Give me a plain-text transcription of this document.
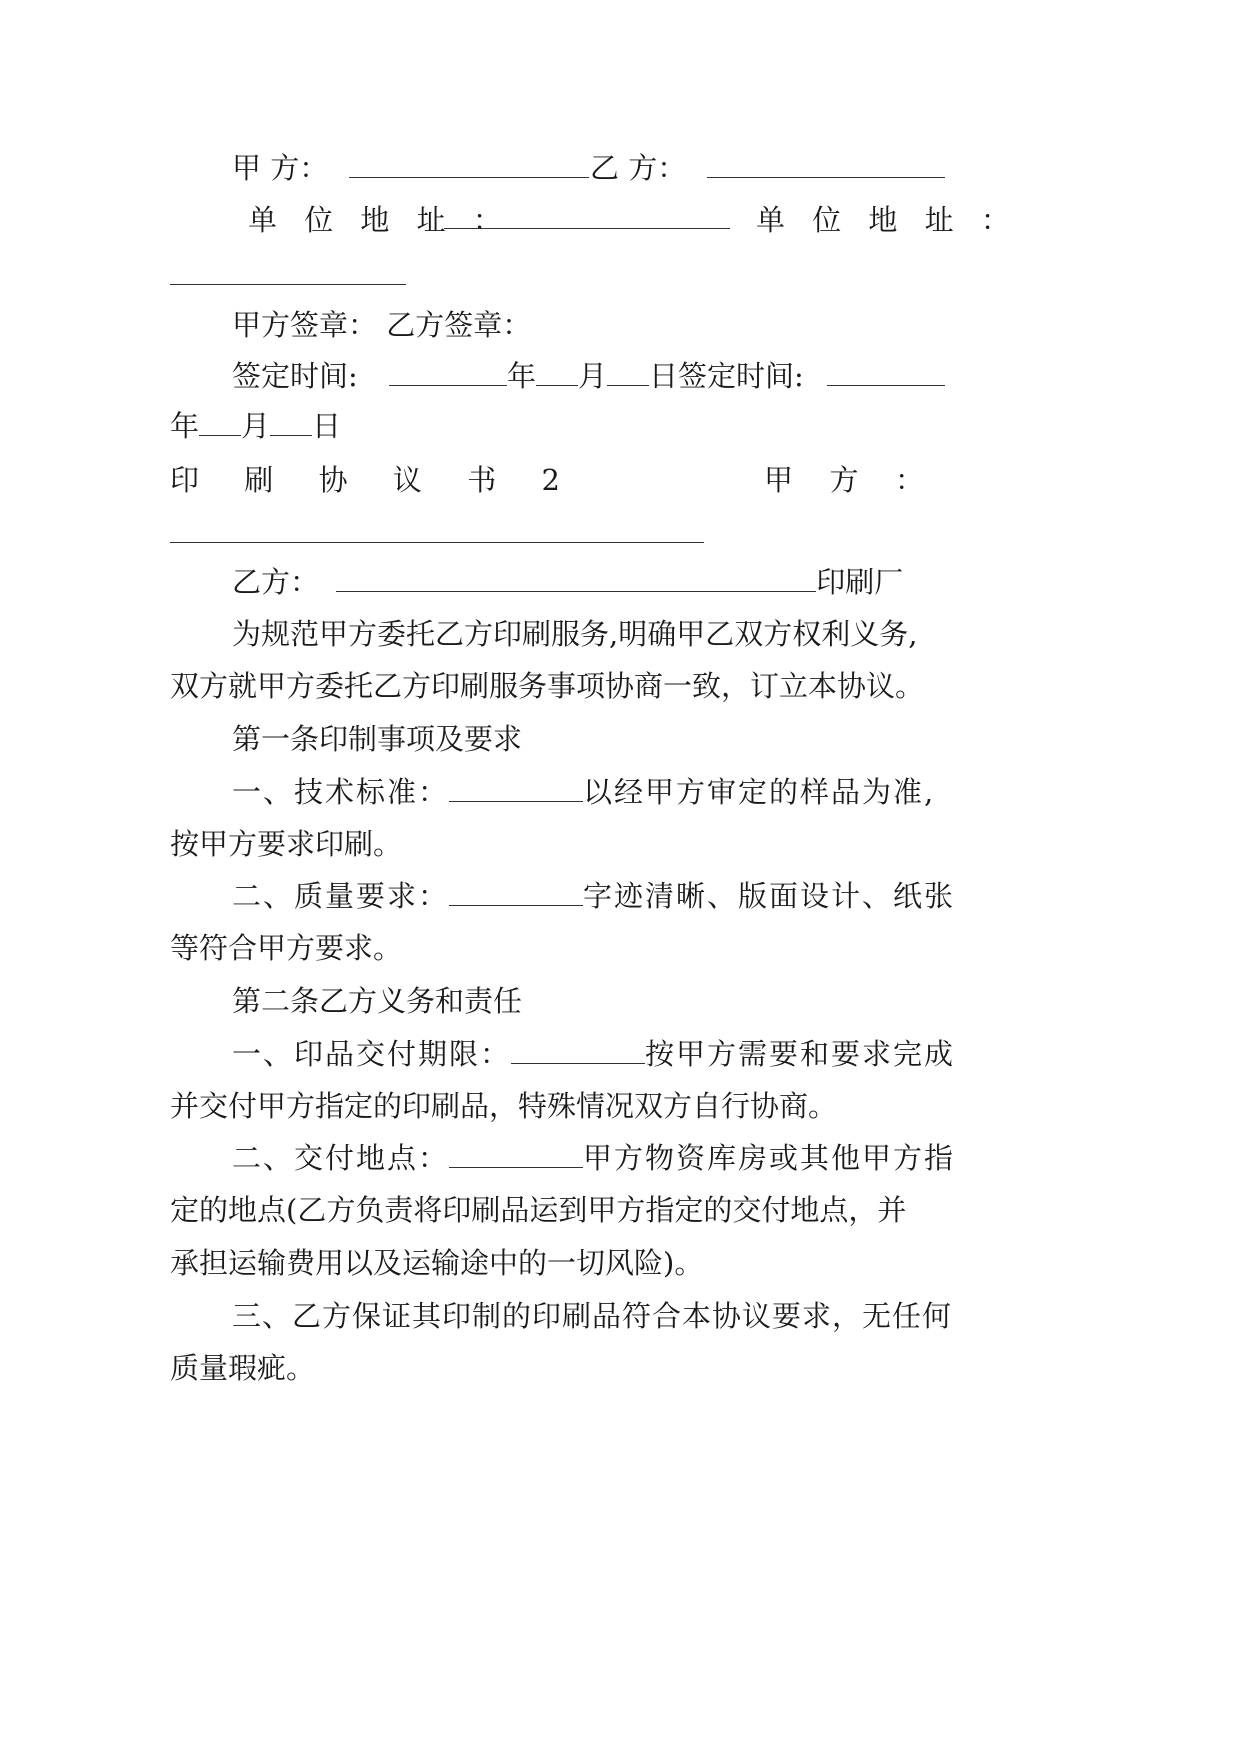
甲 方：	乙 方：
单 位 地 址 ：	单 位 地 址 ：
甲方签章： 乙方签章：
签定时间:	年 月 日签定时间:
年 月 日
印 刷 协 议 书 2	甲 方 ：
乙方：	印刷厂
为规范甲方委托乙方印刷服务,明确甲乙双方权利义务,
双方就甲方委托乙方印刷服务事项协商一致，订立本协议。
第一条印制事项及要求
一、技术标准：	以经甲方审定的样品为准,
按甲方要求印刷。
二、质量要求：	字迹清晰、版面设计、纸张
等符合甲方要求。
第二条乙方义务和责任
一、印品交付期限：	按甲方需要和要求完成
并交付甲方指定的印刷品，特殊情况双方自行协商。
二、交付地点：	甲方物资库房或其他甲方指
定的地点(乙方负责将印刷品运到甲方指定的交付地点，并
承担运输费用以及运输途中的一切风险)。
三、乙方保证其印制的印刷品符合本协议要求，无任何
质量瑕疵。
